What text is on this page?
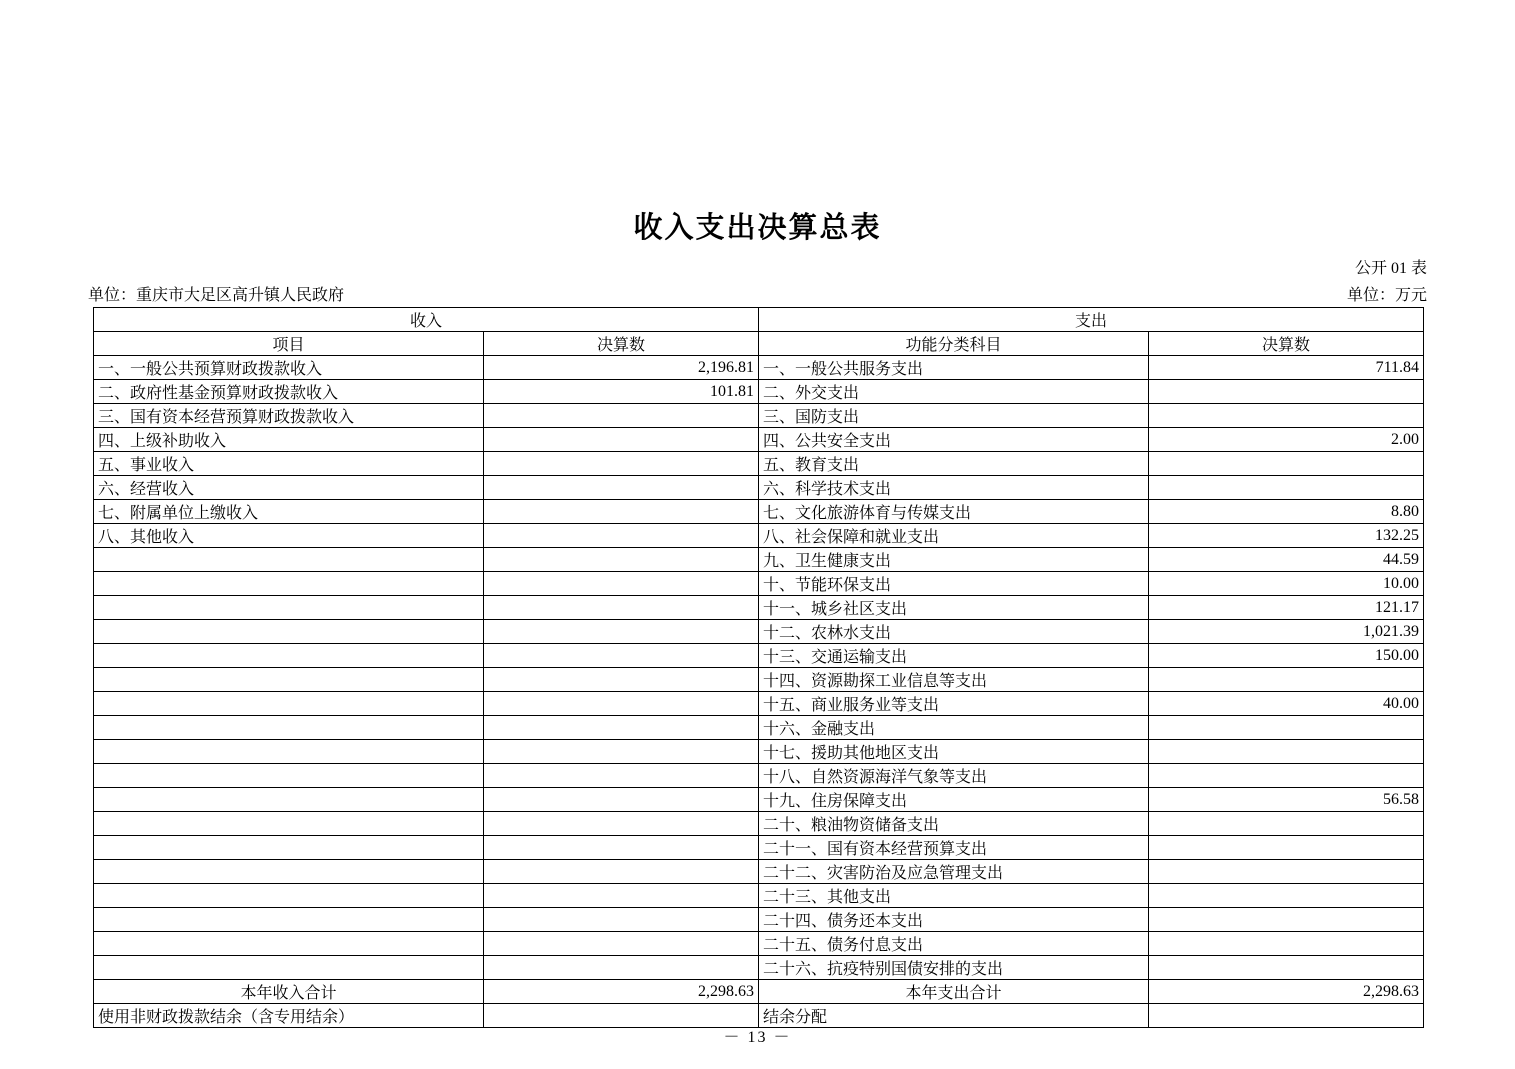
收入支出决算总表
公开 01 表
单位：重庆市大足区高升镇人民政府	单位：万元
收入		支出	
项目	决算数	功能分类科目	决算数
一、一般公共预算财政拨款收入	2,196.81	一、一般公共服务支出	711.84
二、政府性基金预算财政拨款收入	101.81	二、外交支出	
三、国有资本经营预算财政拨款收入		三、国防支出	
四、上级补助收入		四、公共安全支出	2.00
五、事业收入		五、教育支出	
六、经营收入		六、科学技术支出	
七、附属单位上缴收入		七、文化旅游体育与传媒支出	8.80
八、其他收入		八、社会保障和就业支出	132.25
		九、卫生健康支出	44.59
		十、节能环保支出	10.00
		十一、城乡社区支出	121.17
		十二、农林水支出	1,021.39
		十三、交通运输支出	150.00
		十四、资源勘探工业信息等支出	
		十五、商业服务业等支出	40.00
		十六、金融支出	
		十七、援助其他地区支出	
		十八、自然资源海洋气象等支出	
		十九、住房保障支出	56.58
		二十、粮油物资储备支出	
		二十一、国有资本经营预算支出	
		二十二、灾害防治及应急管理支出	
		二十三、其他支出	
		二十四、债务还本支出	
		二十五、债务付息支出	
		二十六、抗疫特别国债安排的支出	
本年收入合计	2,298.63	本年支出合计	2,298.63
使用非财政拨款结余（含专用结余）		结余分配	
－ 13 －
